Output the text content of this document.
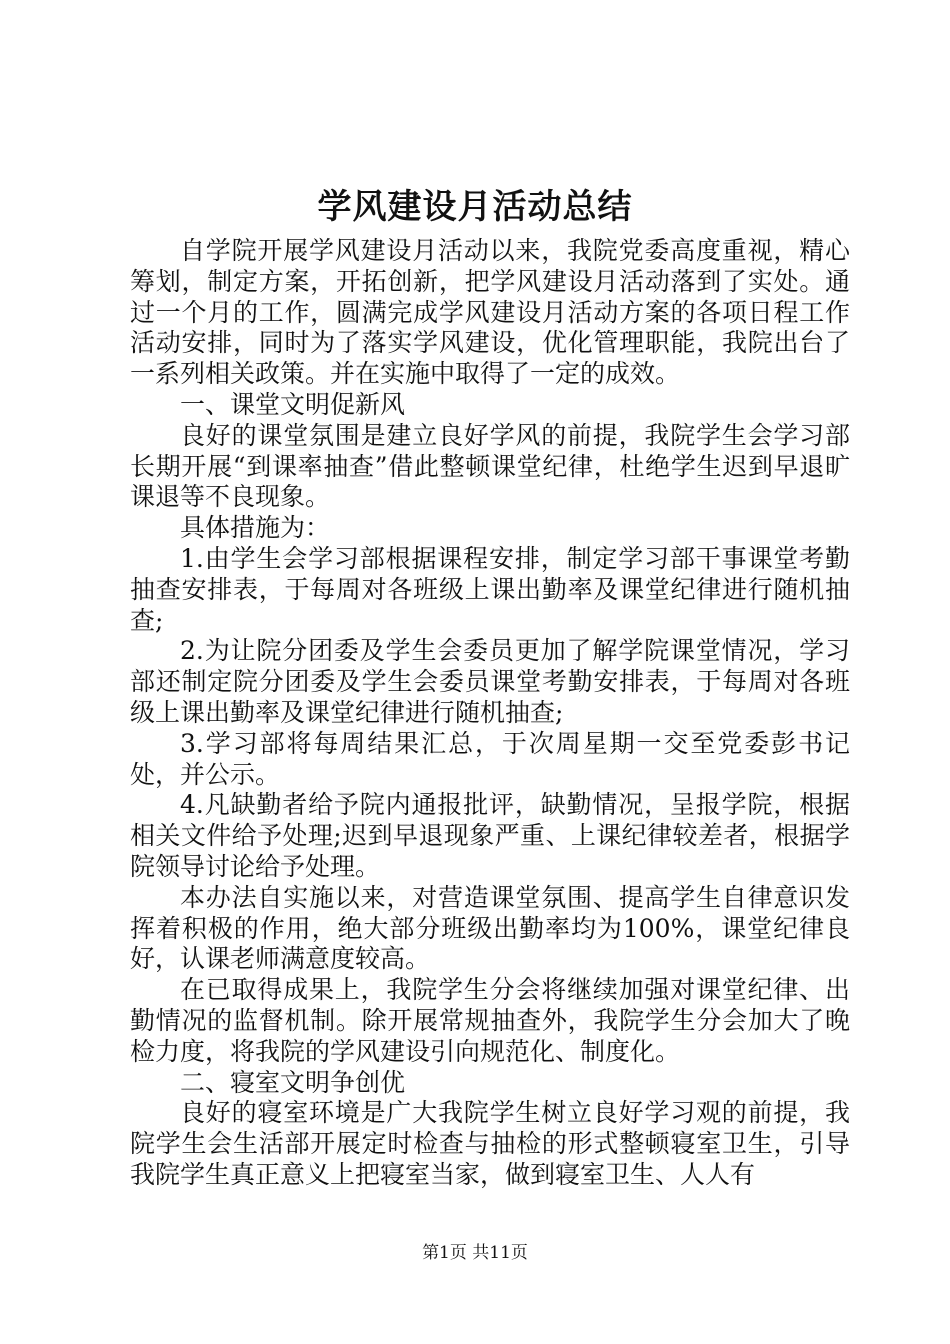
学风建设月活动总结

自学院开展学风建设月活动以来，我院党委高度重视，精心筹划，制定方案，开拓创新，把学风建设月活动落到了实处。通过一个月的工作，圆满完成学风建设月活动方案的各项日程工作活动安排，同时为了落实学风建设，优化管理职能，我院出台了一系列相关政策。并在实施中取得了一定的成效。

一、课堂文明促新风

良好的课堂氛围是建立良好学风的前提，我院学生会学习部长期开展“到课率抽查”借此整顿课堂纪律，杜绝学生迟到早退旷课退等不良现象。

具体措施为：

1.由学生会学习部根据课程安排，制定学习部干事课堂考勤抽查安排表，于每周对各班级上课出勤率及课堂纪律进行随机抽查;

2.为让院分团委及学生会委员更加了解学院课堂情况，学习部还制定院分团委及学生会委员课堂考勤安排表，于每周对各班级上课出勤率及课堂纪律进行随机抽查;

3.学习部将每周结果汇总，于次周星期一交至党委彭书记处，并公示。

4.凡缺勤者给予院内通报批评，缺勤情况，呈报学院，根据相关文件给予处理;迟到早退现象严重、上课纪律较差者，根据学院领导讨论给予处理。

本办法自实施以来，对营造课堂氛围、提高学生自律意识发挥着积极的作用，绝大部分班级出勤率均为100%，课堂纪律良好，认课老师满意度较高。

在已取得成果上，我院学生分会将继续加强对课堂纪律、出勤情况的监督机制。除开展常规抽查外，我院学生分会加大了晚检力度，将我院的学风建设引向规范化、制度化。

二、寝室文明争创优

良好的寝室环境是广大我院学生树立良好学习观的前提，我院学生会生活部开展定时检查与抽检的形式整顿寝室卫生，引导我院学生真正意义上把寝室当家，做到寝室卫生、人人有

第1页 共11页
